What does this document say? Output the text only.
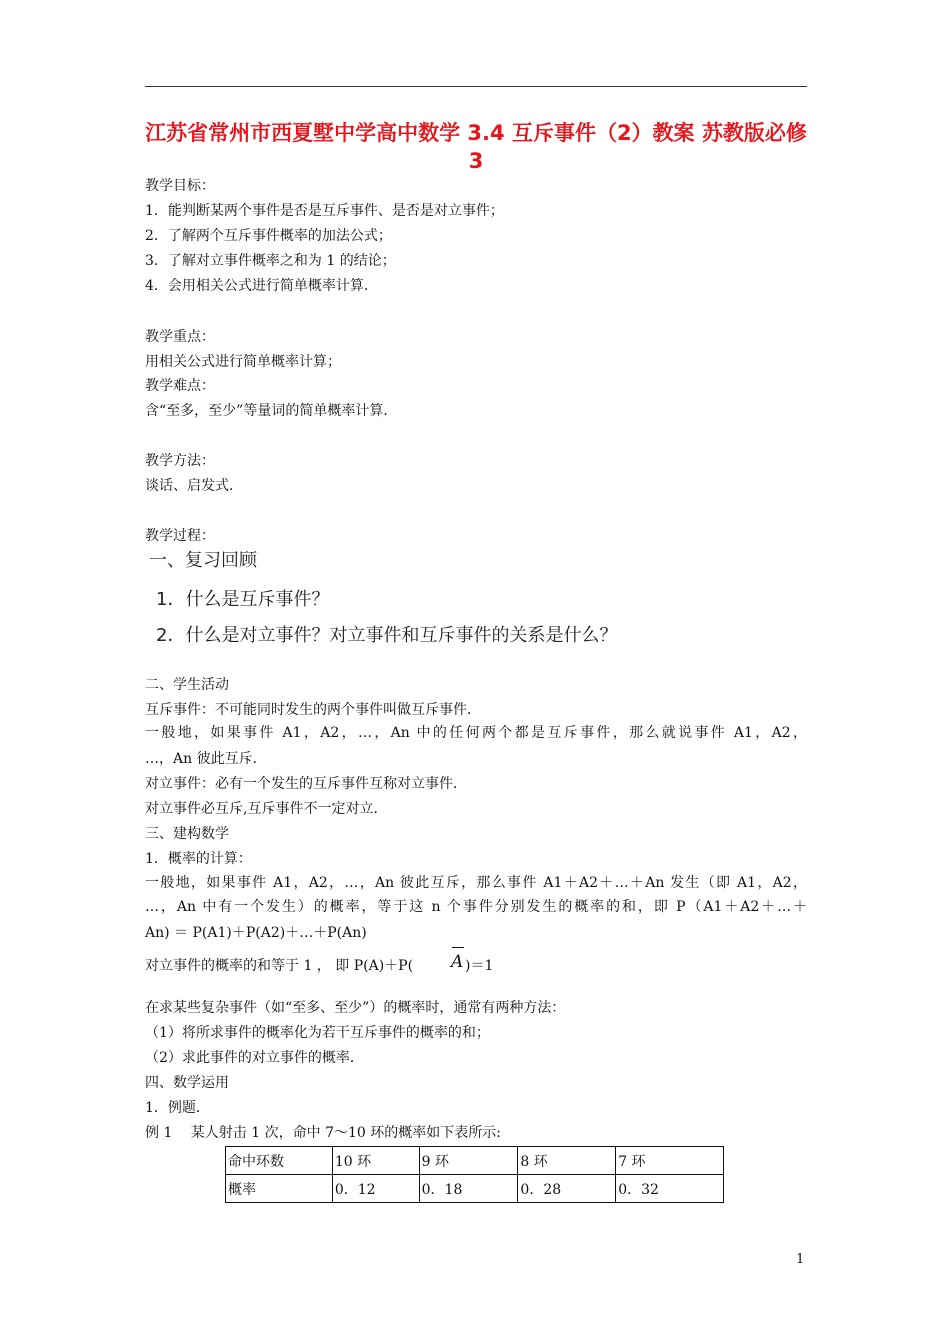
江苏省常州市西夏墅中学高中数学 3.4 互斥事件（2）教案 苏教版必修
3
教学目标：
1．能判断某两个事件是否是互斥事件、是否是对立事件；
2．了解两个互斥事件概率的加法公式；
3．了解对立事件概率之和为 1 的结论；
4．会用相关公式进行简单概率计算．
教学重点：
用相关公式进行简单概率计算；
教学难点：
含“至多，至少”等量词的简单概率计算．
教学方法：
谈话、启发式．
教学过程：
一、复习回顾
1．什么是互斥事件？
2．什么是对立事件？对立事件和互斥事件的关系是什么？
二、学生活动
互斥事件：不可能同时发生的两个事件叫做互斥事件．
一般地，如果事件 A1，A2，…，An 中的任何两个都是互斥事件，那么就说事件 A1，A2，
…，An 彼此互斥．
对立事件：必有一个发生的互斥事件互称对立事件．
对立事件必互斥,互斥事件不一定对立．
三、建构数学
1．概率的计算：
一般地，如果事件 A1，A2，…，An 彼此互斥，那么事件 A1＋A2＋…＋An 发生（即 A1，A2，
…，An 中有一个发生）的概率，等于这 n 个事件分别发生的概率的和，即 P（A1＋A2＋…＋
An) ＝ P(A1)＋P(A2)＋…＋P(An)
对立事件的概率的和等于 1 ， 即 P(A)＋P( A )＝1
在求某些复杂事件（如“至多、至少”）的概率时，通常有两种方法：
（1）将所求事件的概率化为若干互斥事件的概率的和；
（2）求此事件的对立事件的概率．
四、数学运用
1．例题．
例 1　 某人射击 1 次，命中 7～10 环的概率如下表所示:
命中环数	10 环	9 环	8 环	7 环
概率	0．12	0．18	0．28	0．32
1
